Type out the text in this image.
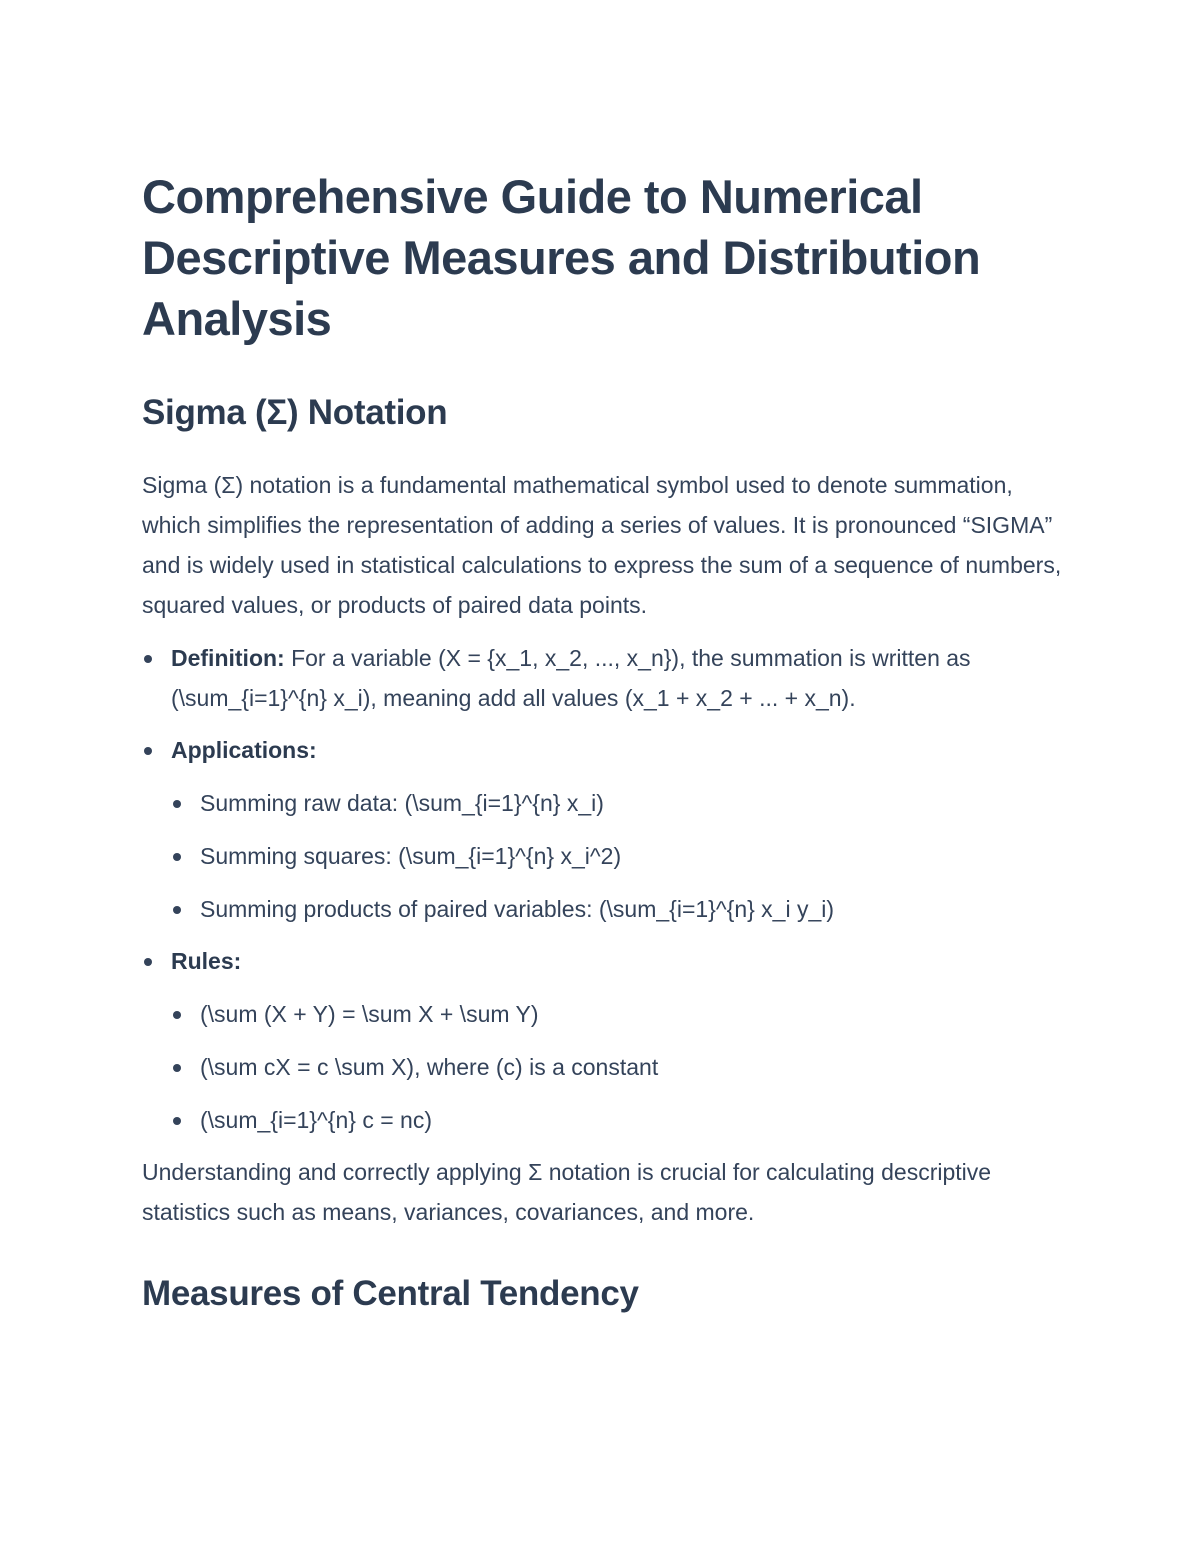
Comprehensive Guide to Numerical Descriptive Measures and Distribution Analysis
Sigma (Σ) Notation

Sigma (Σ) notation is a fundamental mathematical symbol used to denote summation, which simplifies the representation of adding a series of values. It is pronounced “SIGMA” and is widely used in statistical calculations to express the sum of a sequence of numbers, squared values, or products of paired data points.

Definition: For a variable (X = {x_1, x_2, ..., x_n}), the summation is written as (\sum_{i=1}^{n} x_i), meaning add all values (x_1 + x_2 + ... + x_n).
Applications:
Summing raw data: (\sum_{i=1}^{n} x_i)
Summing squares: (\sum_{i=1}^{n} x_i^2)
Summing products of paired variables: (\sum_{i=1}^{n} x_i y_i)
Rules:
(\sum (X + Y) = \sum X + \sum Y)
(\sum cX = c \sum X), where (c) is a constant
(\sum_{i=1}^{n} c = nc)

Understanding and correctly applying Σ notation is crucial for calculating descriptive statistics such as means, variances, covariances, and more.

Measures of Central Tendency
